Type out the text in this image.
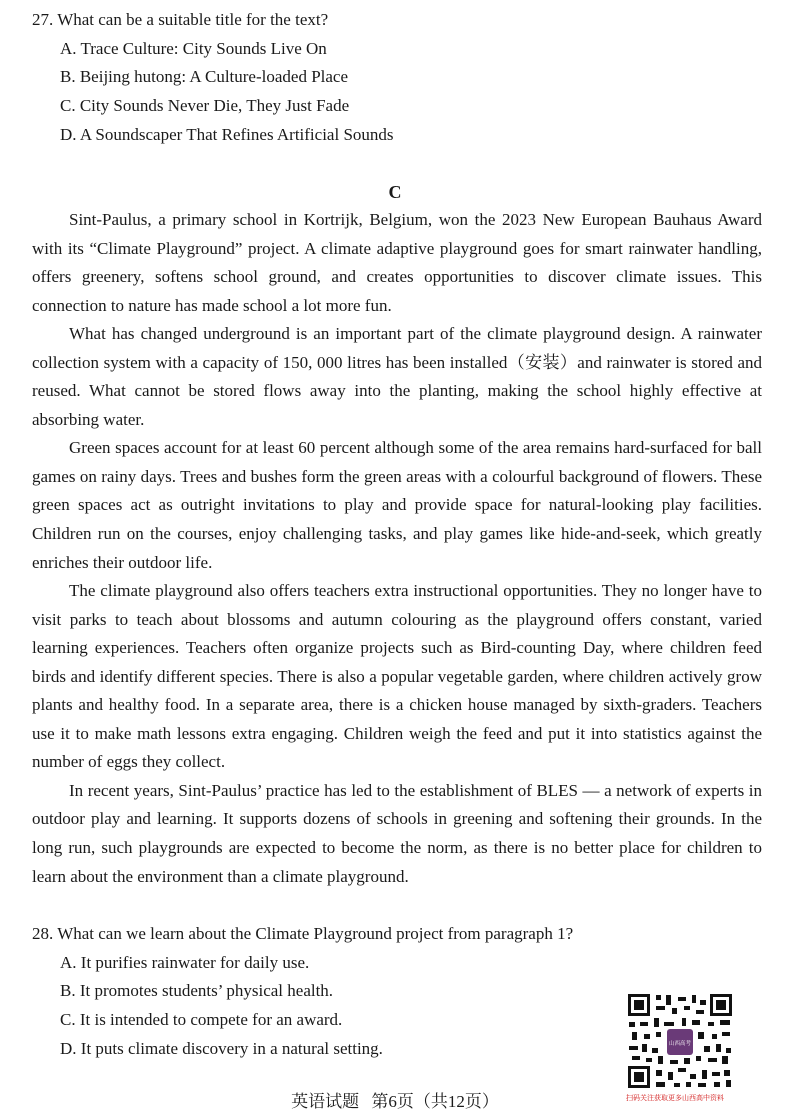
27. What can be a suitable title for the text?

A. Trace Culture: City Sounds Live On

B. Beijing hutong: A Culture-loaded Place

C. City Sounds Never Die, They Just Fade

D. A Soundscaper That Refines Artificial Sounds

C

Sint-Paulus, a primary school in Kortrijk, Belgium, won the 2023 New European Bauhaus Award with its “Climate Playground” project. A climate adaptive playground goes for smart rainwater handling, offers greenery, softens school ground, and creates opportunities to discover climate issues. This connection to nature has made school a lot more fun.

What has changed underground is an important part of the climate playground design. A rainwater collection system with a capacity of 150, 000 litres has been installed（安装）and rainwater is stored and reused. What cannot be stored flows away into the planting, making the school highly effective at absorbing water.

Green spaces account for at least 60 percent although some of the area remains hard-surfaced for ball games on rainy days. Trees and bushes form the green areas with a colourful background of flowers. These green spaces act as outright invitations to play and provide space for natural-looking play facilities. Children run on the courses, enjoy challenging tasks, and play games like hide-and-seek, which greatly enriches their outdoor life.

The climate playground also offers teachers extra instructional opportunities. They no longer have to visit parks to teach about blossoms and autumn colouring as the playground offers constant, varied learning experiences. Teachers often organize projects such as Bird-counting Day, where children feed birds and identify different species. There is also a popular vegetable garden, where children actively grow plants and healthy food. In a separate area, there is a chicken house managed by sixth-graders. Teachers use it to make math lessons extra engaging. Children weigh the feed and put it into statistics against the number of eggs they collect.

In recent years, Sint-Paulus’ practice has led to the establishment of BLES — a network of experts in outdoor play and learning. It supports dozens of schools in greening and softening their grounds. In the long run, such playgrounds are expected to become the norm, as there is no better place for children to learn about the environment than a climate playground.

28. What can we learn about the Climate Playground project from paragraph 1?

A. It purifies rainwater for daily use.

B. It promotes students’ physical health.

C. It is intended to compete for an award.

D. It puts climate discovery in a natural setting.	山西高考
扫码关注获取更多山西高中资料
英语试题 第6页（共12页）
